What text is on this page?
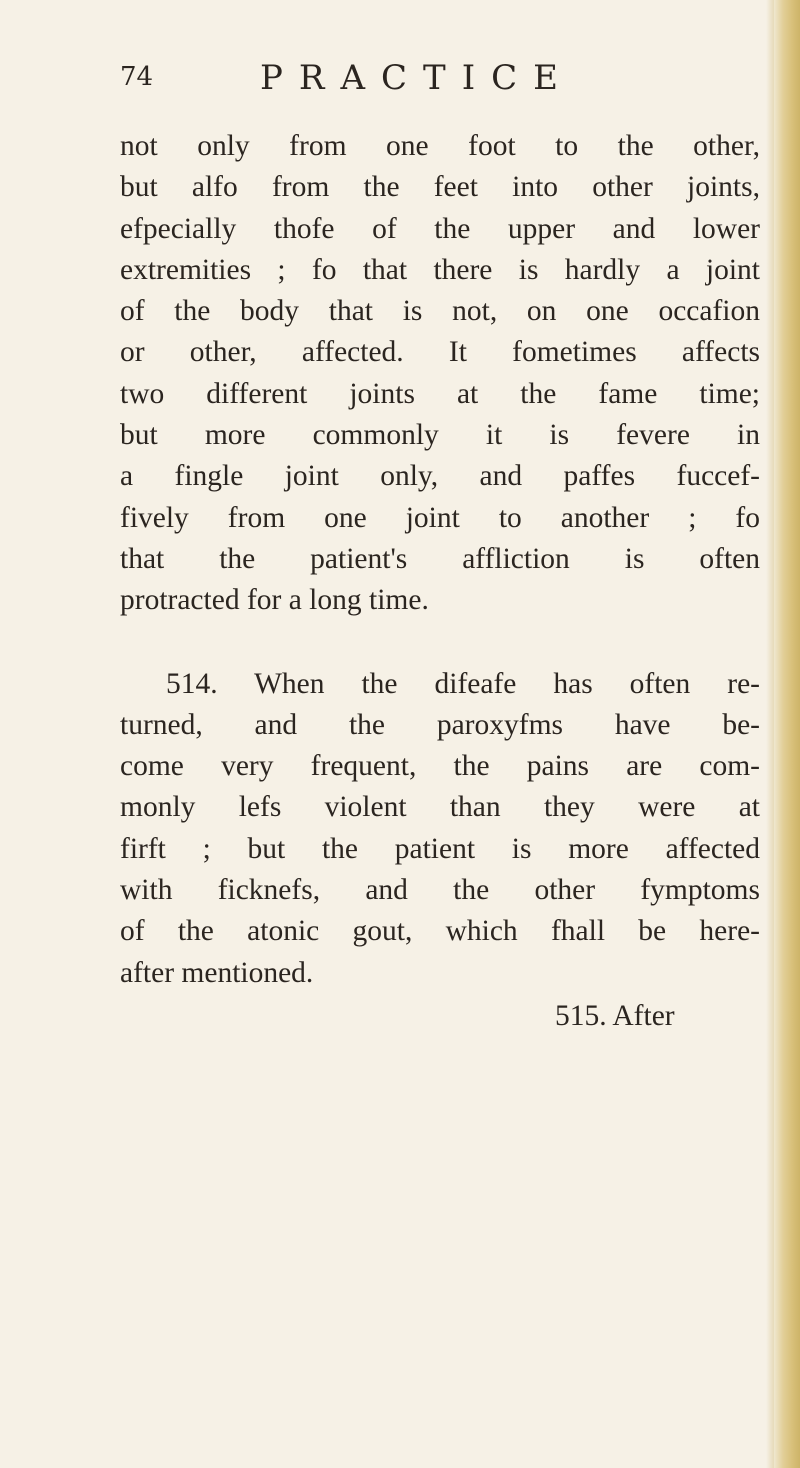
74	PRACTICE
not only from one foot to the other,
but alfo from the feet into other joints,
efpecially thofe of the upper and lower
extremities ; fo that there is hardly a joint
of the body that is not, on one occafion
or other, affected. It fometimes affects
two different joints at the fame time;
but more commonly it is fevere in
a fingle joint only, and paffes fuccef-
fively from one joint to another ; fo
that the patient's affliction is often
protracted for a long time.
514. When the difeafe has often re-
turned, and the paroxyfms have be-
come very frequent, the pains are com-
monly lefs violent than they were at
firft ; but the patient is more affected
with ficknefs, and the other fymptoms
of the atonic gout, which fhall be here-
after mentioned.
515. After
